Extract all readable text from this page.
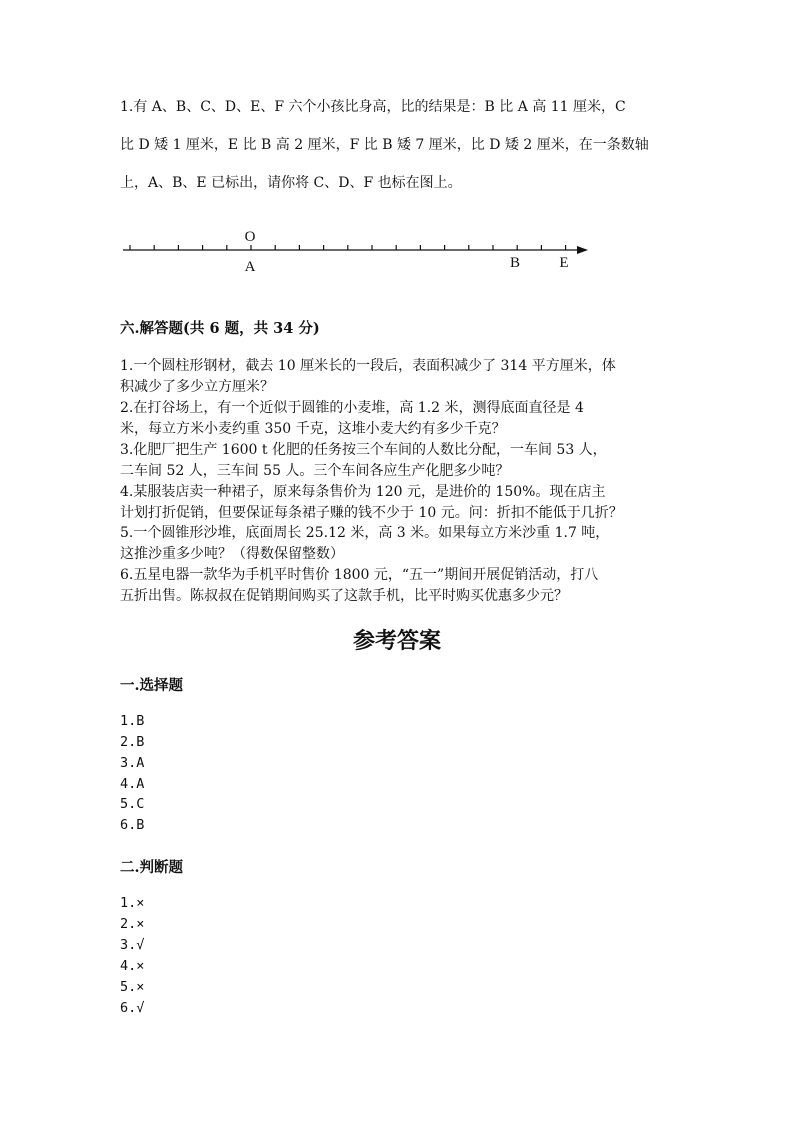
1.有 A、B、C、D、E、F 六个小孩比身高，比的结果是：B 比 A 高 11 厘米，C
比 D 矮 1 厘米，E 比 B 高 2 厘米，F 比 B 矮 7 厘米，比 D 矮 2 厘米，在一条数轴
上，A、B、E 已标出，请你将 C、D、F 也标在图上。
O
A	B	E
六.解答题(共 6 题，共 34 分)
1.一个圆柱形钢材，截去 10 厘米长的一段后，表面积减少了 314 平方厘米，体
积减少了多少立方厘米？
2.在打谷场上，有一个近似于圆锥的小麦堆，高 1.2 米，测得底面直径是 4
米，每立方米小麦约重 350 千克，这堆小麦大约有多少千克？
3.化肥厂把生产 1600 t 化肥的任务按三个车间的人数比分配，一车间 53 人，
二车间 52 人，三车间 55 人。三个车间各应生产化肥多少吨？
4.某服装店卖一种裙子，原来每条售价为 120 元，是进价的 150%。现在店主
计划打折促销，但要保证每条裙子赚的钱不少于 10 元。问：折扣不能低于几折？
5.一个圆锥形沙堆，底面周长 25.12 米，高 3 米。如果每立方米沙重 1.7 吨，
这推沙重多少吨？（得数保留整数）
6.五星电器一款华为手机平时售价 1800 元，“五一”期间开展促销活动，打八
五折出售。陈叔叔在促销期间购买了这款手机，比平时购买优惠多少元？
参考答案
一.选择题
1.B
2.B
3.A
4.A
5.C
6.B
二.判断题
1.×
2.×
3.√
4.×
5.×
6.√
